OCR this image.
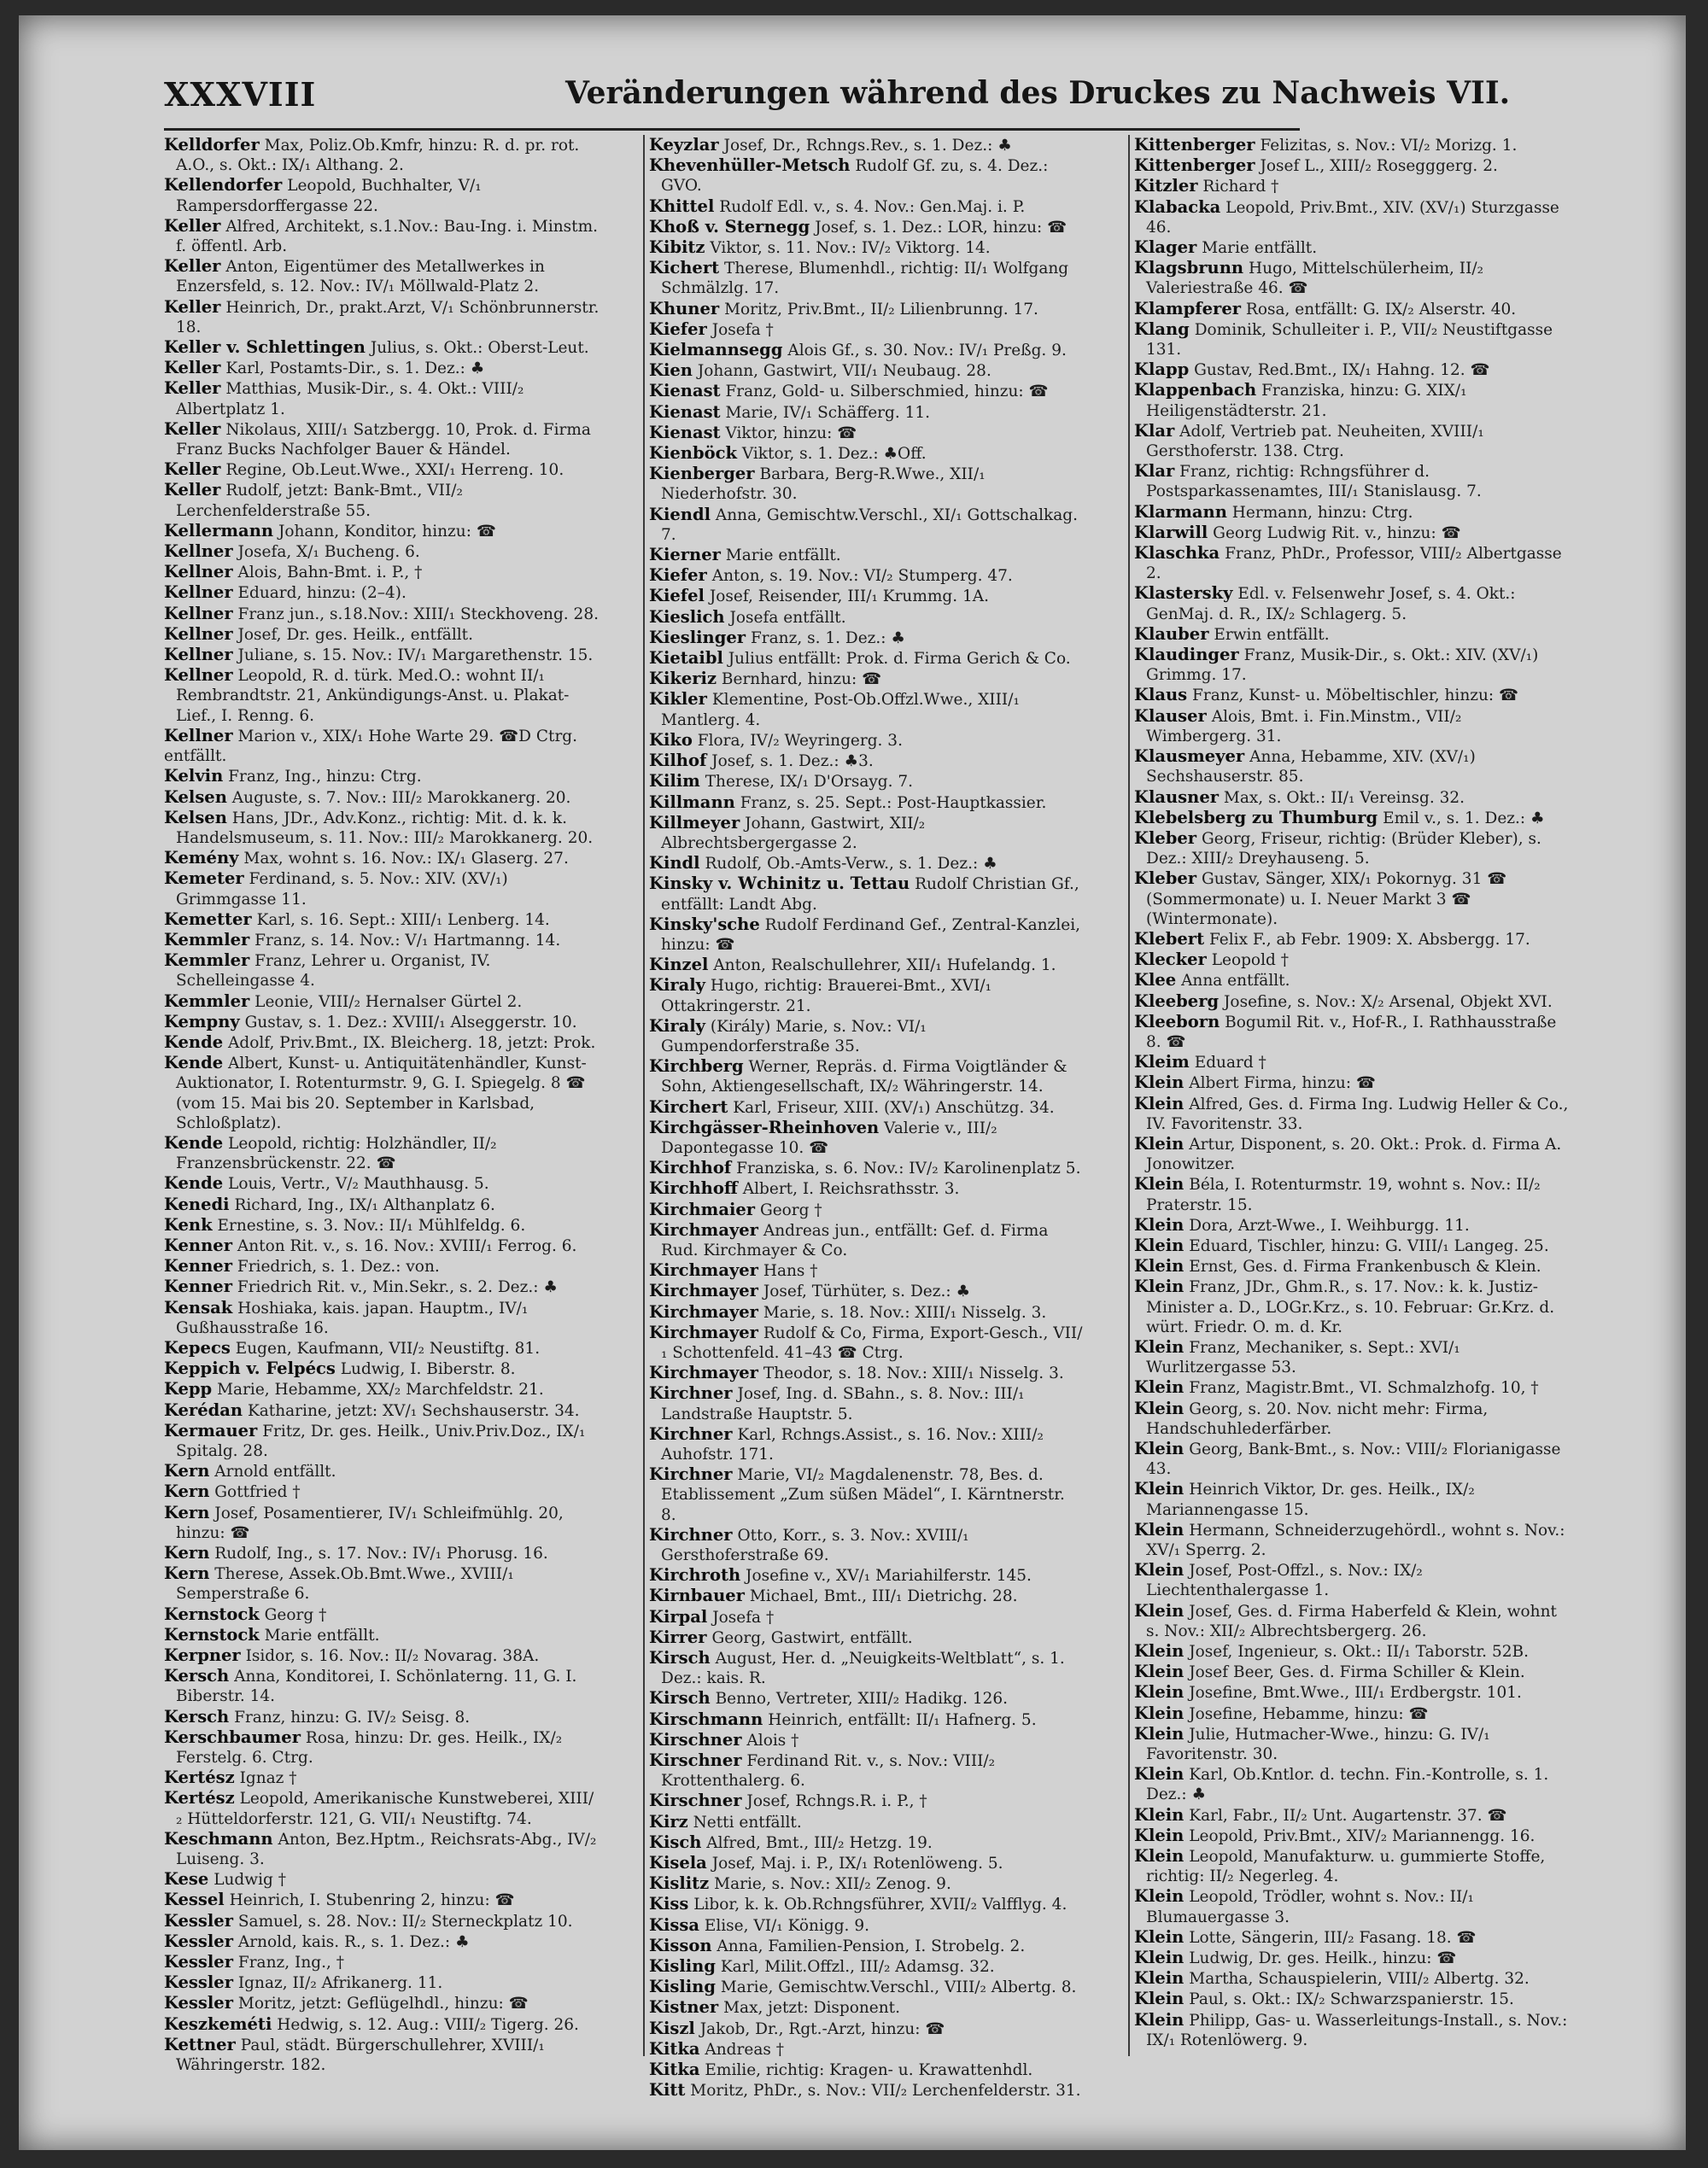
XXXVIII	Veränderungen während des Druckes zu Nachweis VII.

Kelldorfer Max, Poliz.Ob.Kmfr, hinzu: R. d. pr. rot. A.O., s. Okt.: IX/₁ Althang. 2.

Kellendorfer Leopold, Buchhalter, V/₁ Rampersdorffergasse 22.

Keller Alfred, Architekt, s.1.Nov.: Bau-Ing. i. Minstm. f. öffentl. Arb.

Keller Anton, Eigentümer des Metallwerkes in Enzersfeld, s. 12. Nov.: IV/₁ Möllwald-Platz 2.

Keller Heinrich, Dr., prakt.Arzt, V/₁ Schönbrunnerstr. 18.

Keller v. Schlettingen Julius, s. Okt.: Oberst-Leut.

Keller Karl, Postamts-Dir., s. 1. Dez.: ♣

Keller Matthias, Musik-Dir., s. 4. Okt.: VIII/₂ Albertplatz 1.

Keller Nikolaus, XIII/₁ Satzbergg. 10, Prok. d. Firma Franz Bucks Nachfolger Bauer & Händel.

Keller Regine, Ob.Leut.Wwe., XXI/₁ Herreng. 10.

Keller Rudolf, jetzt: Bank-Bmt., VII/₂ Lerchenfelderstraße 55.

Kellermann Johann, Konditor, hinzu: ☎

Kellner Josefa, X/₁ Bucheng. 6.

Kellner Alois, Bahn-Bmt. i. P., †

Kellner Eduard, hinzu: (2–4).

Kellner Franz jun., s.18.Nov.: XIII/₁ Steckhoveng. 28.

Kellner Josef, Dr. ges. Heilk., entfällt.

Kellner Juliane, s. 15. Nov.: IV/₁ Margarethenstr. 15.

Kellner Leopold, R. d. türk. Med.O.: wohnt II/₁ Rembrandtstr. 21, Ankündigungs-Anst. u. Plakat-Lief., I. Renng. 6.

Kellner Marion v., XIX/₁ Hohe Warte 29. ☎D Ctrg.

entfällt.

Kelvin Franz, Ing., hinzu: Ctrg.

Kelsen Auguste, s. 7. Nov.: III/₂ Marokkanerg. 20.

Kelsen Hans, JDr., Adv.Konz., richtig: Mit. d. k. k. Handelsmuseum, s. 11. Nov.: III/₂ Marokkanerg. 20.

Kemény Max, wohnt s. 16. Nov.: IX/₁ Glaserg. 27.

Kemeter Ferdinand, s. 5. Nov.: XIV. (XV/₁) Grimmgasse 11.

Kemetter Karl, s. 16. Sept.: XIII/₁ Lenberg. 14.

Kemmler Franz, s. 14. Nov.: V/₁ Hartmanng. 14.

Kemmler Franz, Lehrer u. Organist, IV. Schelleingasse 4.

Kemmler Leonie, VIII/₂ Hernalser Gürtel 2.

Kempny Gustav, s. 1. Dez.: XVIII/₁ Alseggerstr. 10.

Kende Adolf, Priv.Bmt., IX. Bleicherg. 18, jetzt: Prok.

Kende Albert, Kunst- u. Antiquitätenhändler, Kunst-Auktionator, I. Rotenturmstr. 9, G. I. Spiegelg. 8 ☎ (vom 15. Mai bis 20. September in Karlsbad, Schloßplatz).

Kende Leopold, richtig: Holzhändler, II/₂ Franzensbrückenstr. 22. ☎

Kende Louis, Vertr., V/₂ Mauthhausg. 5.

Kenedi Richard, Ing., IX/₁ Althanplatz 6.

Kenk Ernestine, s. 3. Nov.: II/₁ Mühlfeldg. 6.

Kenner Anton Rit. v., s. 16. Nov.: XVIII/₁ Ferrog. 6.

Kenner Friedrich, s. 1. Dez.: von.

Kenner Friedrich Rit. v., Min.Sekr., s. 2. Dez.: ♣

Kensak Hoshiaka, kais. japan. Hauptm., IV/₁ Gußhausstraße 16.

Kepecs Eugen, Kaufmann, VII/₂ Neustiftg. 81.

Keppich v. Felpécs Ludwig, I. Biberstr. 8.

Kepp Marie, Hebamme, XX/₂ Marchfeldstr. 21.

Kerédan Katharine, jetzt: XV/₁ Sechshauserstr. 34.

Kermauer Fritz, Dr. ges. Heilk., Univ.Priv.Doz., IX/₁ Spitalg. 28.

Kern Arnold entfällt.

Kern Gottfried †

Kern Josef, Posamentierer, IV/₁ Schleifmühlg. 20, hinzu: ☎

Kern Rudolf, Ing., s. 17. Nov.: IV/₁ Phorusg. 16.

Kern Therese, Assek.Ob.Bmt.Wwe., XVIII/₁ Semperstraße 6.

Kernstock Georg †

Kernstock Marie entfällt.

Kerpner Isidor, s. 16. Nov.: II/₂ Novarag. 38A.

Kersch Anna, Konditorei, I. Schönlaterng. 11, G. I. Biberstr. 14.

Kersch Franz, hinzu: G. IV/₂ Seisg. 8.

Kerschbaumer Rosa, hinzu: Dr. ges. Heilk., IX/₂ Ferstelg. 6. Ctrg.

Kertész Ignaz †

Kertész Leopold, Amerikanische Kunstweberei, XIII/₂ Hütteldorferstr. 121, G. VII/₁ Neustiftg. 74.

Keschmann Anton, Bez.Hptm., Reichsrats-Abg., IV/₂ Luiseng. 3.

Kese Ludwig †

Kessel Heinrich, I. Stubenring 2, hinzu: ☎

Kessler Samuel, s. 28. Nov.: II/₂ Sterneckplatz 10.

Kessler Arnold, kais. R., s. 1. Dez.: ♣

Kessler Franz, Ing., †

Kessler Ignaz, II/₂ Afrikanerg. 11.

Kessler Moritz, jetzt: Geflügelhdl., hinzu: ☎

Keszkeméti Hedwig, s. 12. Aug.: VIII/₂ Tigerg. 26.

Kettner Paul, städt. Bürgerschullehrer, XVIII/₁ Währingerstr. 182.

Keyzlar Josef, Dr., Rchngs.Rev., s. 1. Dez.: ♣

Khevenhüller-Metsch Rudolf Gf. zu, s. 4. Dez.: GVO.

Khittel Rudolf Edl. v., s. 4. Nov.: Gen.Maj. i. P.

Khoß v. Sternegg Josef, s. 1. Dez.: LOR, hinzu: ☎

Kibitz Viktor, s. 11. Nov.: IV/₂ Viktorg. 14.

Kichert Therese, Blumenhdl., richtig: II/₁ Wolfgang Schmälzlg. 17.

Khuner Moritz, Priv.Bmt., II/₂ Lilienbrunng. 17.

Kiefer Josefa †

Kielmannsegg Alois Gf., s. 30. Nov.: IV/₁ Preßg. 9.

Kien Johann, Gastwirt, VII/₁ Neubaug. 28.

Kienast Franz, Gold- u. Silberschmied, hinzu: ☎

Kienast Marie, IV/₁ Schäfferg. 11.

Kienast Viktor, hinzu: ☎

Kienböck Viktor, s. 1. Dez.: ♣Off.

Kienberger Barbara, Berg-R.Wwe., XII/₁ Niederhofstr. 30.

Kiendl Anna, Gemischtw.Verschl., XI/₁ Gottschalkag. 7.

Kierner Marie entfällt.

Kiefer Anton, s. 19. Nov.: VI/₂ Stumperg. 47.

Kiefel Josef, Reisender, III/₁ Krummg. 1A.

Kieslich Josefa entfällt.

Kieslinger Franz, s. 1. Dez.: ♣

Kietaibl Julius entfällt: Prok. d. Firma Gerich & Co.

Kikeriz Bernhard, hinzu: ☎

Kikler Klementine, Post-Ob.Offzl.Wwe., XIII/₁ Mantlerg. 4.

Kiko Flora, IV/₂ Weyringerg. 3.

Kilhof Josef, s. 1. Dez.: ♣3.

Kilim Therese, IX/₁ D'Orsayg. 7.

Killmann Franz, s. 25. Sept.: Post-Hauptkassier.

Killmeyer Johann, Gastwirt, XII/₂ Albrechtsbergergasse 2.

Kindl Rudolf, Ob.-Amts-Verw., s. 1. Dez.: ♣

Kinsky v. Wchinitz u. Tettau Rudolf Christian Gf., entfällt: Landt Abg.

Kinsky'sche Rudolf Ferdinand Gef., Zentral-Kanzlei, hinzu: ☎

Kinzel Anton, Realschullehrer, XII/₁ Hufelandg. 1.

Kiraly Hugo, richtig: Brauerei-Bmt., XVI/₁ Ottakringerstr. 21.

Kiraly (Király) Marie, s. Nov.: VI/₁ Gumpendorferstraße 35.

Kirchberg Werner, Repräs. d. Firma Voigtländer & Sohn, Aktiengesellschaft, IX/₂ Währingerstr. 14.

Kirchert Karl, Friseur, XIII. (XV/₁) Anschützg. 34.

Kirchgässer-Rheinhoven Valerie v., III/₂ Dapontegasse 10. ☎

Kirchhof Franziska, s. 6. Nov.: IV/₂ Karolinenplatz 5.

Kirchhoff Albert, I. Reichsrathsstr. 3.

Kirchmaier Georg †

Kirchmayer Andreas jun., entfällt: Gef. d. Firma Rud. Kirchmayer & Co.

Kirchmayer Hans †

Kirchmayer Josef, Türhüter, s. Dez.: ♣

Kirchmayer Marie, s. 18. Nov.: XIII/₁ Nisselg. 3.

Kirchmayer Rudolf & Co, Firma, Export-Gesch., VII/₁ Schottenfeld. 41–43 ☎ Ctrg.

Kirchmayer Theodor, s. 18. Nov.: XIII/₁ Nisselg. 3.

Kirchner Josef, Ing. d. SBahn., s. 8. Nov.: III/₁ Landstraße Hauptstr. 5.

Kirchner Karl, Rchngs.Assist., s. 16. Nov.: XIII/₂ Auhofstr. 171.

Kirchner Marie, VI/₂ Magdalenenstr. 78, Bes. d. Etablissement „Zum süßen Mädel“, I. Kärntnerstr. 8.

Kirchner Otto, Korr., s. 3. Nov.: XVIII/₁ Gersthoferstraße 69.

Kirchroth Josefine v., XV/₁ Mariahilferstr. 145.

Kirnbauer Michael, Bmt., III/₁ Dietrichg. 28.

Kirpal Josefa †

Kirrer Georg, Gastwirt, entfällt.

Kirsch August, Her. d. „Neuigkeits-Weltblatt“, s. 1. Dez.: kais. R.

Kirsch Benno, Vertreter, XIII/₂ Hadikg. 126.

Kirschmann Heinrich, entfällt: II/₁ Hafnerg. 5.

Kirschner Alois †

Kirschner Ferdinand Rit. v., s. Nov.: VIII/₂ Krottenthalerg. 6.

Kirschner Josef, Rchngs.R. i. P., †

Kirz Netti entfällt.

Kisch Alfred, Bmt., III/₂ Hetzg. 19.

Kisela Josef, Maj. i. P., IX/₁ Rotenlöweng. 5.

Kislitz Marie, s. Nov.: XII/₂ Zenog. 9.

Kiss Libor, k. k. Ob.Rchngsführer, XVII/₂ Valfflyg. 4.

Kissa Elise, VI/₁ Königg. 9.

Kisson Anna, Familien-Pension, I. Strobelg. 2.

Kisling Karl, Milit.Offzl., III/₂ Adamsg. 32.

Kisling Marie, Gemischtw.Verschl., VIII/₂ Albertg. 8.

Kistner Max, jetzt: Disponent.

Kiszl Jakob, Dr., Rgt.-Arzt, hinzu: ☎

Kitka Andreas †

Kitka Emilie, richtig: Kragen- u. Krawattenhdl.

Kitt Moritz, PhDr., s. Nov.: VII/₂ Lerchenfelderstr. 31.

Kittenberger Felizitas, s. Nov.: VI/₂ Morizg. 1.

Kittenberger Josef L., XIII/₂ Rosegggerg. 2.

Kitzler Richard †

Klabacka Leopold, Priv.Bmt., XIV. (XV/₁) Sturzgasse 46.

Klager Marie entfällt.

Klagsbrunn Hugo, Mittelschülerheim, II/₂ Valeriestraße 46. ☎

Klampferer Rosa, entfällt: G. IX/₂ Alserstr. 40.

Klang Dominik, Schulleiter i. P., VII/₂ Neustiftgasse 131.

Klapp Gustav, Red.Bmt., IX/₁ Hahng. 12. ☎

Klappenbach Franziska, hinzu: G. XIX/₁ Heiligenstädterstr. 21.

Klar Adolf, Vertrieb pat. Neuheiten, XVIII/₁ Gersthoferstr. 138. Ctrg.

Klar Franz, richtig: Rchngsführer d. Postsparkassenamtes, III/₁ Stanislausg. 7.

Klarmann Hermann, hinzu: Ctrg.

Klarwill Georg Ludwig Rit. v., hinzu: ☎

Klaschka Franz, PhDr., Professor, VIII/₂ Albertgasse 2.

Klastersky Edl. v. Felsenwehr Josef, s. 4. Okt.: GenMaj. d. R., IX/₂ Schlagerg. 5.

Klauber Erwin entfällt.

Klaudinger Franz, Musik-Dir., s. Okt.: XIV. (XV/₁) Grimmg. 17.

Klaus Franz, Kunst- u. Möbeltischler, hinzu: ☎

Klauser Alois, Bmt. i. Fin.Minstm., VII/₂ Wimbergerg. 31.

Klausmeyer Anna, Hebamme, XIV. (XV/₁) Sechshauserstr. 85.

Klausner Max, s. Okt.: II/₁ Vereinsg. 32.

Klebelsberg zu Thumburg Emil v., s. 1. Dez.: ♣

Kleber Georg, Friseur, richtig: (Brüder Kleber), s. Dez.: XIII/₂ Dreyhauseng. 5.

Kleber Gustav, Sänger, XIX/₁ Pokornyg. 31 ☎ (Sommermonate) u. I. Neuer Markt 3 ☎ (Wintermonate).

Klebert Felix F., ab Febr. 1909: X. Absbergg. 17.

Klecker Leopold †

Klee Anna entfällt.

Kleeberg Josefine, s. Nov.: X/₂ Arsenal, Objekt XVI.

Kleeborn Bogumil Rit. v., Hof-R., I. Rathhausstraße 8. ☎

Kleim Eduard †

Klein Albert Firma, hinzu: ☎

Klein Alfred, Ges. d. Firma Ing. Ludwig Heller & Co., IV. Favoritenstr. 33.

Klein Artur, Disponent, s. 20. Okt.: Prok. d. Firma A. Jonowitzer.

Klein Béla, I. Rotenturmstr. 19, wohnt s. Nov.: II/₂ Praterstr. 15.

Klein Dora, Arzt-Wwe., I. Weihburgg. 11.

Klein Eduard, Tischler, hinzu: G. VIII/₁ Langeg. 25.

Klein Ernst, Ges. d. Firma Frankenbusch & Klein.

Klein Franz, JDr., Ghm.R., s. 17. Nov.: k. k. Justiz-Minister a. D., LOGr.Krz., s. 10. Februar: Gr.Krz. d. würt. Friedr. O. m. d. Kr.

Klein Franz, Mechaniker, s. Sept.: XVI/₁ Wurlitzergasse 53.

Klein Franz, Magistr.Bmt., VI. Schmalzhofg. 10, †

Klein Georg, s. 20. Nov. nicht mehr: Firma, Handschuhlederfärber.

Klein Georg, Bank-Bmt., s. Nov.: VIII/₂ Florianigasse 43.

Klein Heinrich Viktor, Dr. ges. Heilk., IX/₂ Mariannengasse 15.

Klein Hermann, Schneiderzugehördl., wohnt s. Nov.: XV/₁ Sperrg. 2.

Klein Josef, Post-Offzl., s. Nov.: IX/₂ Liechtenthalergasse 1.

Klein Josef, Ges. d. Firma Haberfeld & Klein, wohnt s. Nov.: XII/₂ Albrechtsbergerg. 26.

Klein Josef, Ingenieur, s. Okt.: II/₁ Taborstr. 52B.

Klein Josef Beer, Ges. d. Firma Schiller & Klein.

Klein Josefine, Bmt.Wwe., III/₁ Erdbergstr. 101.

Klein Josefine, Hebamme, hinzu: ☎

Klein Julie, Hutmacher-Wwe., hinzu: G. IV/₁ Favoritenstr. 30.

Klein Karl, Ob.Kntlor. d. techn. Fin.-Kontrolle, s. 1. Dez.: ♣

Klein Karl, Fabr., II/₂ Unt. Augartenstr. 37. ☎

Klein Leopold, Priv.Bmt., XIV/₂ Mariannengg. 16.

Klein Leopold, Manufakturw. u. gummierte Stoffe, richtig: II/₂ Negerleg. 4.

Klein Leopold, Trödler, wohnt s. Nov.: II/₁ Blumauergasse 3.

Klein Lotte, Sängerin, III/₂ Fasang. 18. ☎

Klein Ludwig, Dr. ges. Heilk., hinzu: ☎

Klein Martha, Schauspielerin, VIII/₂ Albertg. 32.

Klein Paul, s. Okt.: IX/₂ Schwarzspanierstr. 15.

Klein Philipp, Gas- u. Wasserleitungs-Install., s. Nov.: IX/₁ Rotenlöwerg. 9.
